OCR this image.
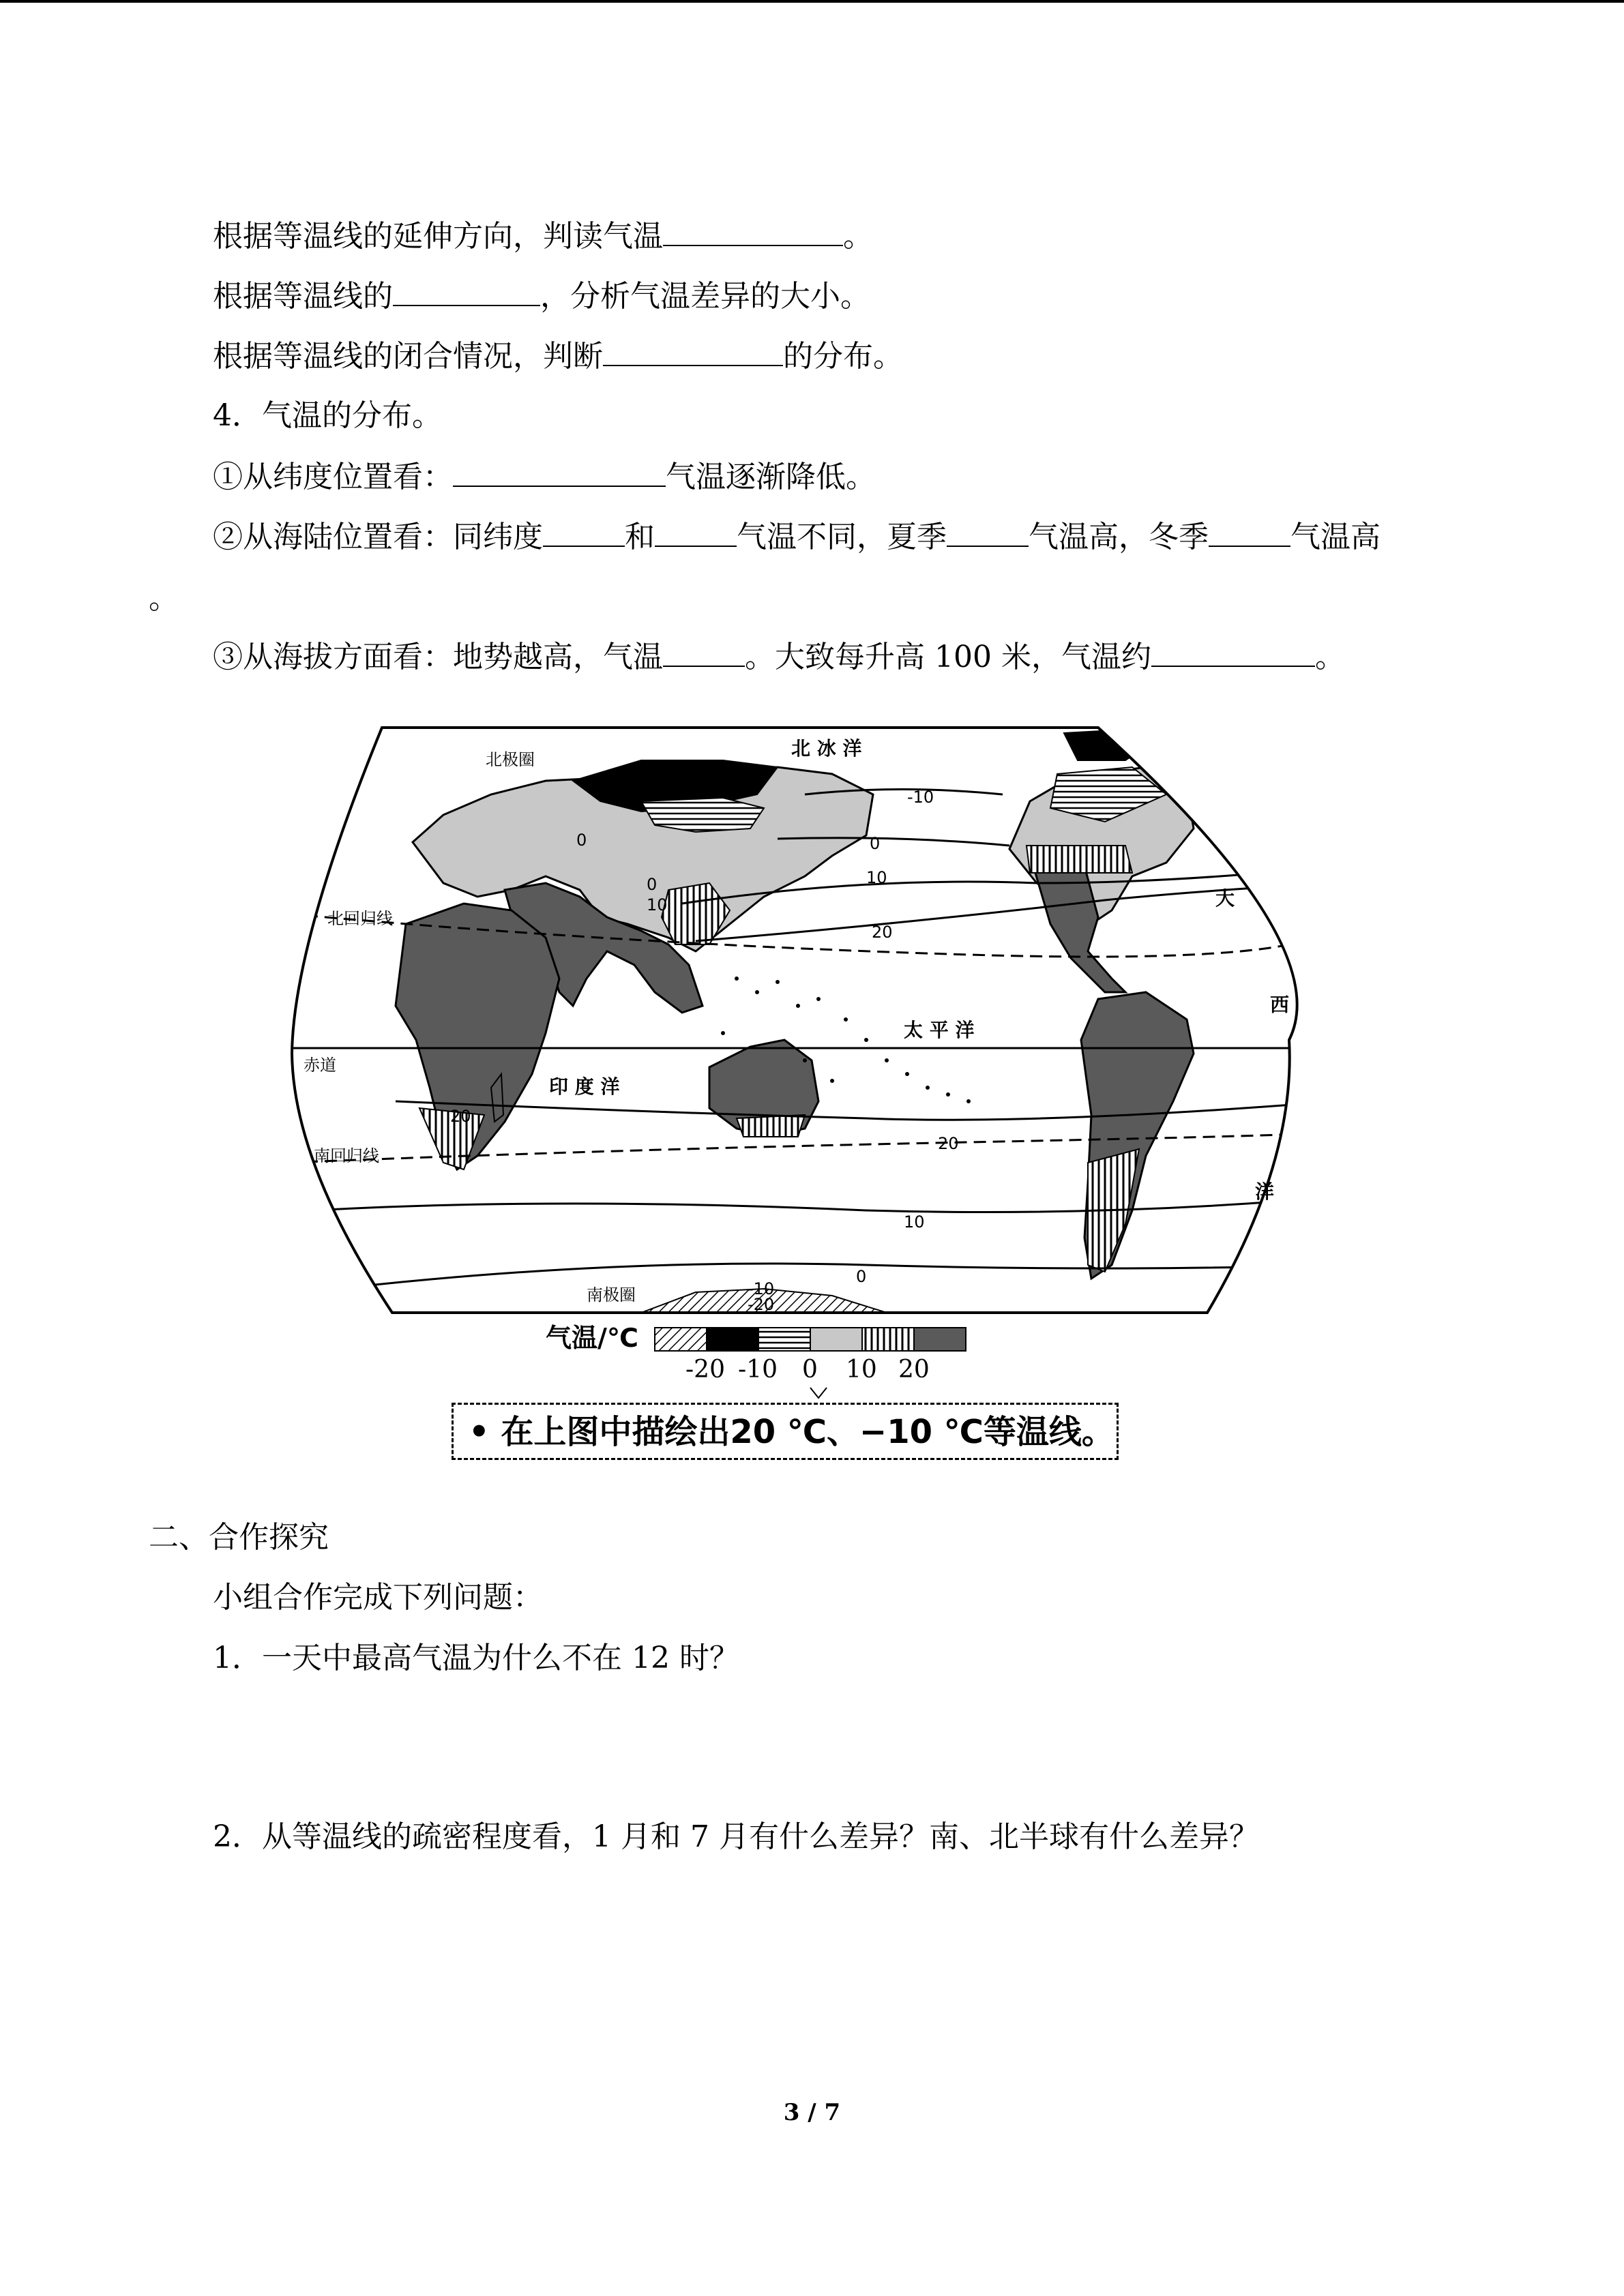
根据等温线的延伸方向，判读气温	。
根据等温线的	，分析气温差异的大小。
根据等温线的闭合情况，判断	的分布。
4．气温的分布。
①从纬度位置看：	气温逐渐降低。
②从海陆位置看：同纬度	和	气温不同，夏季	气温高，冬季	气温高
。
③从海拔方面看：地势越高，气温	。大致每升高 100 米，气温约	。
北 冰 洋
太 平 洋
印 度 洋
大
西
洋
北极圈
北回归线
赤道
南回归线
南极圈
-10
0
0
0
10
10
20
20
20
10
0
-10
-20
气温/℃
-20 -10 0 10 20
• 在上图中描绘出20 ℃、−10 ℃等温线。
二、合作探究
小组合作完成下列问题：
1．一天中最高气温为什么不在 12 时？
2．从等温线的疏密程度看，1 月和 7 月有什么差异？南、北半球有什么差异？
3 / 7
